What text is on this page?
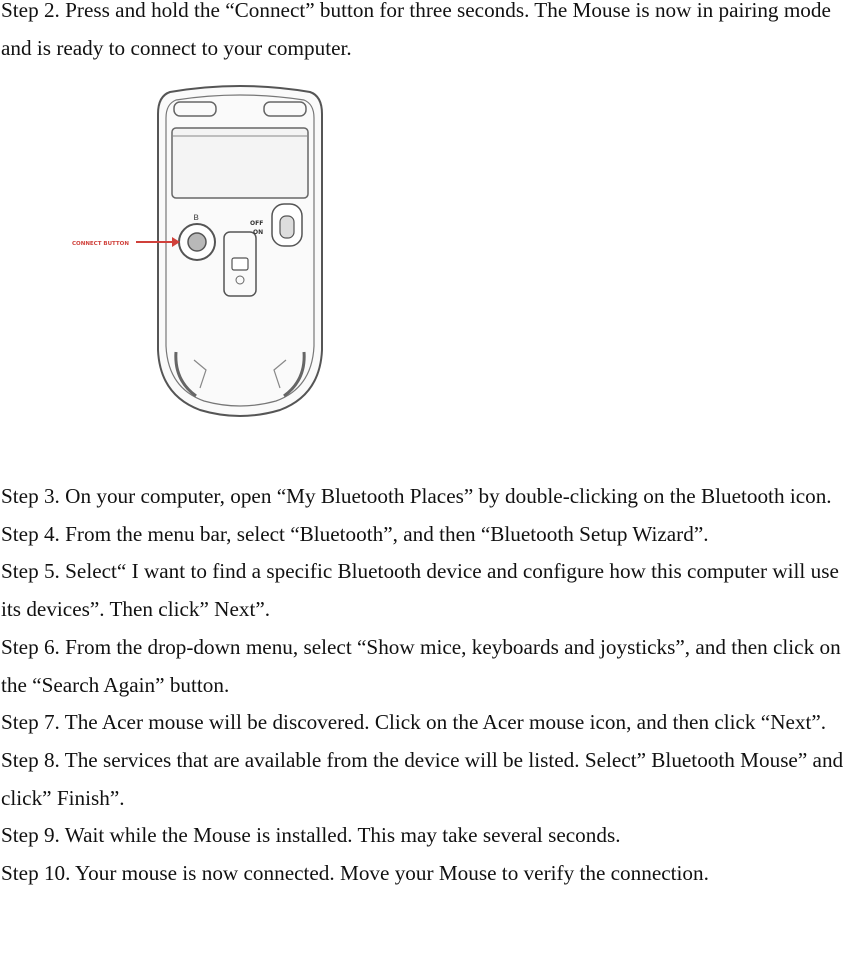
Step 2. Press and hold the “Connect” button for three seconds. The Mouse is now in pairing mode and is ready to connect to your computer.

ʙ
CONNECT BUTTON
OFF
ON

Step 3. On your computer, open “My Bluetooth Places” by double-clicking on the Bluetooth icon.

Step 4. From the menu bar, select “Bluetooth”, and then “Bluetooth Setup Wizard”.

Step 5. Select“ I want to find a specific Bluetooth device and configure how this computer will use its devices”. Then click” Next”.

Step 6. From the drop-down menu, select “Show mice, keyboards and joysticks”, and then click on the “Search Again” button.

Step 7. The Acer mouse will be discovered. Click on the Acer mouse icon, and then click “Next”.

Step 8. The services that are available from the device will be listed. Select” Bluetooth Mouse” and click” Finish”.

Step 9. Wait while the Mouse is installed. This may take several seconds.

Step 10. Your mouse is now connected. Move your Mouse to verify the connection.
